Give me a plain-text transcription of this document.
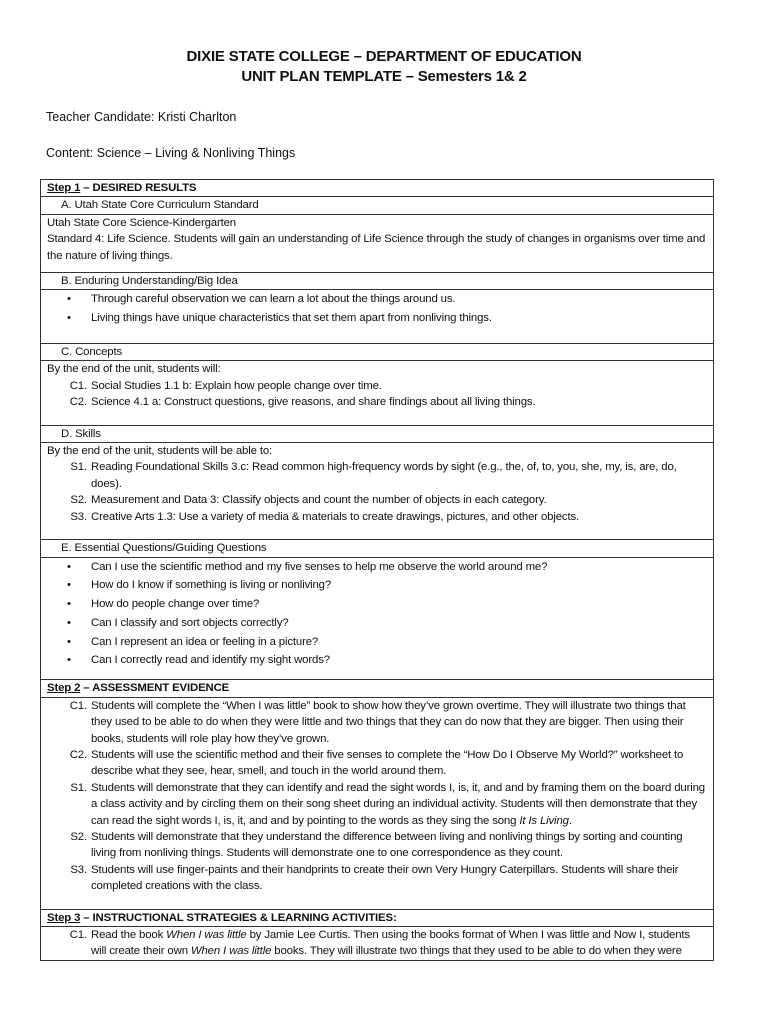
DIXIE STATE COLLEGE – DEPARTMENT OF EDUCATION
UNIT PLAN TEMPLATE – Semesters 1& 2
Teacher Candidate: Kristi Charlton
Content: Science – Living & Nonliving Things
Step 1 – DESIRED RESULTS
A. Utah State Core Curriculum Standard
Utah State Core Science-Kindergarten
Standard 4: Life Science. Students will gain an understanding of Life Science through the study of changes in organisms over time and the nature of living things.
B. Enduring Understanding/Big Idea
• Through careful observation we can learn a lot about the things around us.
• Living things have unique characteristics that set them apart from nonliving things.
C. Concepts
By the end of the unit, students will:
C1. Social Studies 1.1 b: Explain how people change over time.
C2. Science 4.1 a: Construct questions, give reasons, and share findings about all living things.
D. Skills
By the end of the unit, students will be able to:
S1. Reading Foundational Skills 3.c: Read common high-frequency words by sight (e.g., the, of, to, you, she, my, is, are, do, does).
S2. Measurement and Data 3: Classify objects and count the number of objects in each category.
S3. Creative Arts 1.3: Use a variety of media & materials to create drawings, pictures, and other objects.
E. Essential Questions/Guiding Questions
• Can I use the scientific method and my five senses to help me observe the world around me?
• How do I know if something is living or nonliving?
• How do people change over time?
• Can I classify and sort objects correctly?
• Can I represent an idea or feeling in a picture?
• Can I correctly read and identify my sight words?
Step 2 – ASSESSMENT EVIDENCE
C1. Students will complete the “When I was little” book to show how they’ve grown overtime. They will illustrate two things that they used to be able to do when they were little and two things that they can do now that they are bigger. Then using their books, students will role play how they’ve grown.
C2. Students will use the scientific method and their five senses to complete the “How Do I Observe My World?” worksheet to describe what they see, hear, smell, and touch in the world around them.
S1. Students will demonstrate that they can identify and read the sight words I, is, it, and and by framing them on the board during a class activity and by circling them on their song sheet during an individual activity. Students will then demonstrate that they can read the sight words I, is, it, and and by pointing to the words as they sing the song It Is Living.
S2. Students will demonstrate that they understand the difference between living and nonliving things by sorting and counting living from nonliving things. Students will demonstrate one to one correspondence as they count.
S3. Students will use finger-paints and their handprints to create their own Very Hungry Caterpillars. Students will share their completed creations with the class.
Step 3 – INSTRUCTIONAL STRATEGIES & LEARNING ACTIVITIES:
C1. Read the book When I was little by Jamie Lee Curtis. Then using the books format of When I was little and Now I, students will create their own When I was little books. They will illustrate two things that they used to be able to do when they were
